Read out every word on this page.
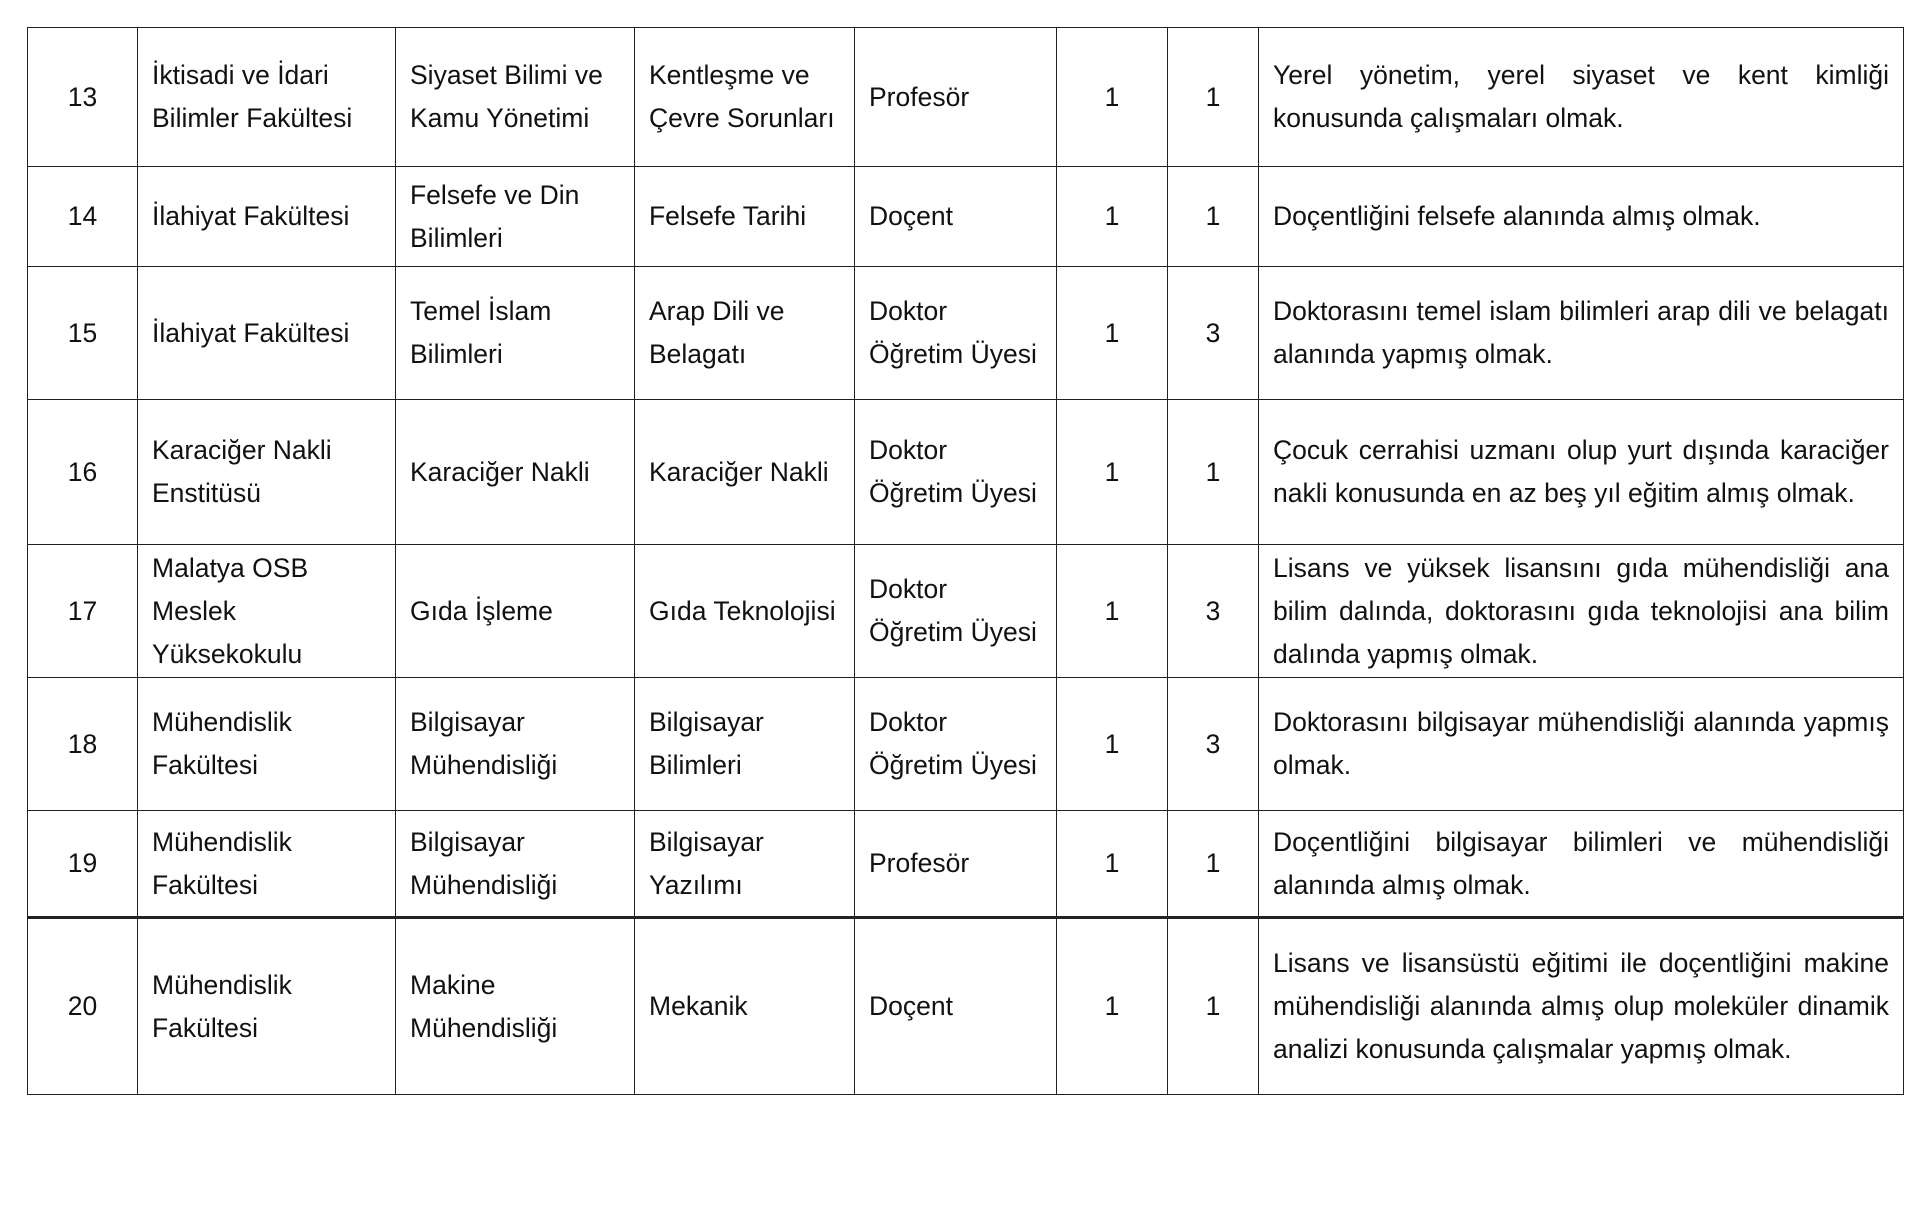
13	İktisadi ve İdari Bilimler Fakültesi	Siyaset Bilimi ve Kamu Yönetimi	Kentleşme ve Çevre Sorunları	Profesör	1	1	Yerel yönetim, yerel siyaset ve kent kimliği konusunda çalışmaları olmak.
14	İlahiyat Fakültesi	Felsefe ve Din Bilimleri	Felsefe Tarihi	Doçent	1	1	Doçentliğini felsefe alanında almış olmak.
15	İlahiyat Fakültesi	Temel İslam Bilimleri	Arap Dili ve Belagatı	Doktor Öğretim Üyesi	1	3	Doktorasını temel islam bilimleri arap dili ve belagatı alanında yapmış olmak.
16	Karaciğer Nakli Enstitüsü	Karaciğer Nakli	Karaciğer Nakli	Doktor Öğretim Üyesi	1	1	Çocuk cerrahisi uzmanı olup yurt dışında karaciğer nakli konusunda en az beş yıl eğitim almış olmak.
17	Malatya OSB Meslek Yüksekokulu	Gıda İşleme	Gıda Teknolojisi	Doktor Öğretim Üyesi	1	3	Lisans ve yüksek lisansını gıda mühendisliği ana bilim dalında, doktorasını gıda teknolojisi ana bilim dalında yapmış olmak.
18	Mühendislik Fakültesi	Bilgisayar Mühendisliği	Bilgisayar Bilimleri	Doktor Öğretim Üyesi	1	3	Doktorasını bilgisayar mühendisliği alanında yapmış olmak.
19	Mühendislik Fakültesi	Bilgisayar Mühendisliği	Bilgisayar Yazılımı	Profesör	1	1	Doçentliğini bilgisayar bilimleri ve mühendisliği alanında almış olmak.
20	Mühendislik Fakültesi	Makine Mühendisliği	Mekanik	Doçent	1	1	Lisans ve lisansüstü eğitimi ile doçentliğini makine mühendisliği alanında almış olup moleküler dinamik analizi konusunda çalışmalar yapmış olmak.
